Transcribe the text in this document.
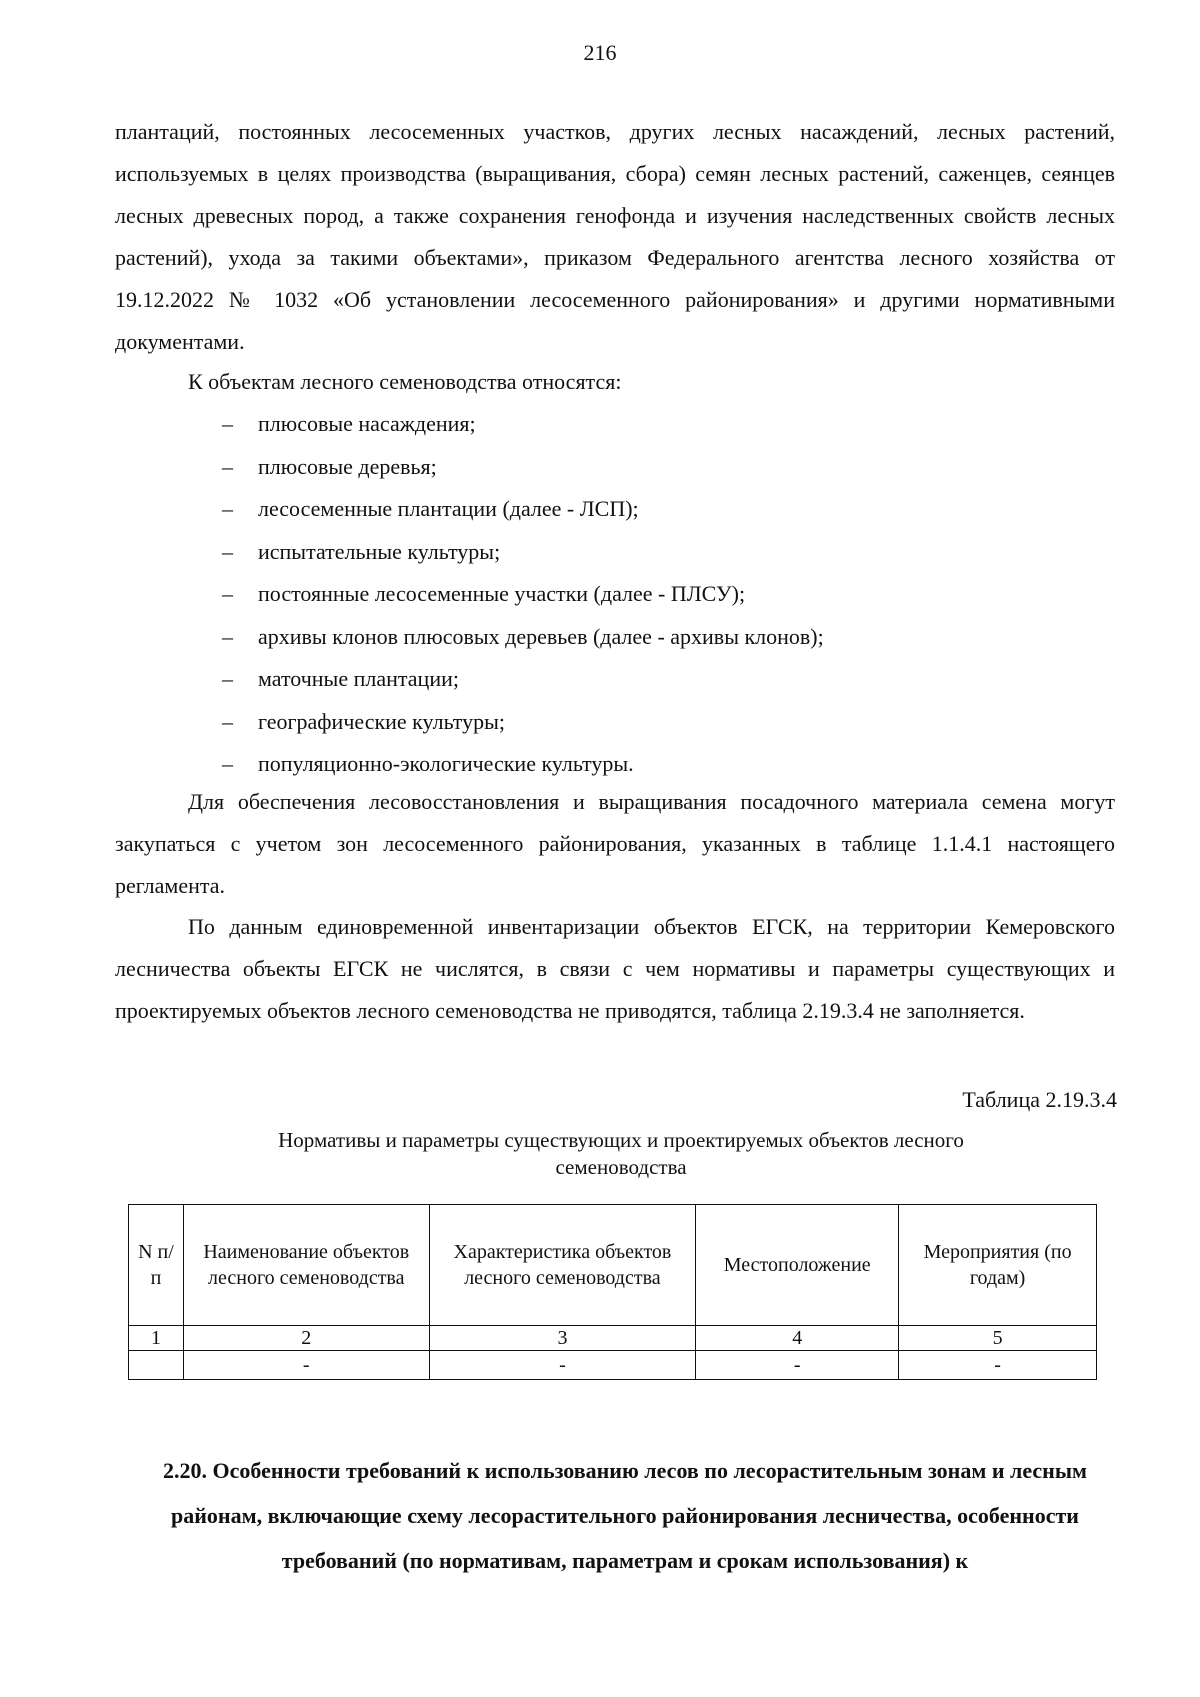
216

плантаций, постоянных лесосеменных участков, других лесных насаждений, лесных растений, используемых в целях производства (выращивания, сбора) семян лесных растений, саженцев, сеянцев лесных древесных пород, а также сохранения генофонда и изучения наследственных свойств лесных растений), ухода за такими объектами», приказом Федерального агентства лесного хозяйства от 19.12.2022 № 1032 «Об установлении лесосеменного районирования» и другими нормативными документами.

К объектам лесного семеноводства относятся:

– плюсовые насаждения;
– плюсовые деревья;
– лесосеменные плантации (далее - ЛСП);
– испытательные культуры;
– постоянные лесосеменные участки (далее - ПЛСУ);
– архивы клонов плюсовых деревьев (далее - архивы клонов);
– маточные плантации;
– географические культуры;
– популяционно-экологические культуры.

Для обеспечения лесовосстановления и выращивания посадочного материала семена могут закупаться с учетом зон лесосеменного районирования, указанных в таблице 1.1.4.1 настоящего регламента.

По данным единовременной инвентаризации объектов ЕГСК, на территории Кемеровского лесничества объекты ЕГСК не числятся, в связи с чем нормативы и параметры существующих и проектируемых объектов лесного семеноводства не приводятся, таблица 2.19.3.4 не заполняется.

Таблица 2.19.3.4
Нормативы и параметры существующих и проектируемых объектов лесного семеноводства
N п/п	Наименование объектов лесного семеноводства	Характеристика объектов лесного семеноводства	Местоположение	Мероприятия (по годам)
1	2	3	4	5
	-	-	-	-
2.20. Особенности требований к использованию лесов по лесорастительным зонам и лесным районам, включающие схему лесорастительного районирования лесничества, особенности требований (по нормативам, параметрам и срокам использования) к
